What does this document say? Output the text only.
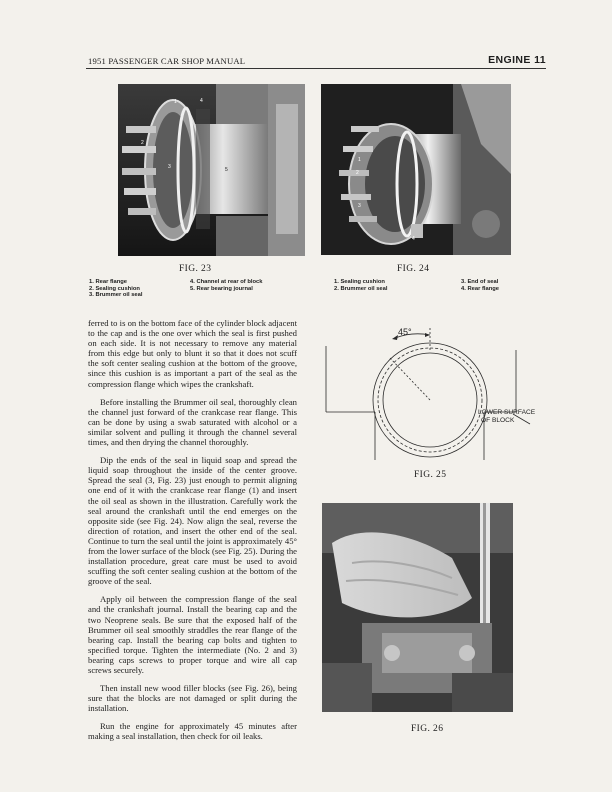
1951 PASSENGER CAR SHOP MANUAL	ENGINE 11
1	4
2
3	5
FIG. 23
1. Rear flange
2. Sealing cushion
3. Brummer oil seal
4. Channel at rear of block
5. Rear bearing journal
1
2
3
4
FIG. 24
1. Sealing cushion
2. Brummer oil seal
3. End of seal
4. Rear flange

ferred to is on the bottom face of the cylinder block adjacent to the cap and is the one over which the seal is first pushed on each side. It is not necessary to remove any material from this edge but only to blunt it so that it does not scuff the soft center sealing cushion at the bottom of the groove, since this cushion is as important a part of the seal as the compression flange which wipes the crankshaft.

Before installing the Brummer oil seal, thoroughly clean the channel just forward of the crankcase rear flange. This can be done by using a swab saturated with alcohol or a similar solvent and pulling it through the channel several times, and then drying the channel thoroughly.

Dip the ends of the seal in liquid soap and spread the liquid soap throughout the inside of the center groove. Spread the seal (3, Fig. 23) just enough to permit aligning one end of it with the crankcase rear flange (1) and insert the oil seal as shown in the illustration. Carefully work the seal around the crankshaft until the end emerges on the opposite side (see Fig. 24). Now align the seal, reverse the direction of rotation, and insert the other end of the seal. Continue to turn the seal until the joint is approximately 45° from the lower surface of the block (see Fig. 25). During the installation procedure, great care must be used to avoid scuffing the soft center sealing cushion at the bottom of the groove of the seal.

Apply oil between the compression flange of the seal and the crankshaft journal. Install the bearing cap and the two Neoprene seals. Be sure that the exposed half of the Brummer oil seal smoothly straddles the rear flange of the bearing cap. Install the bearing cap bolts and tighten to specified torque. Tighten the intermediate (No. 2 and 3) bearing caps screws to proper torque and wire all cap screws securely.

Then install new wood filler blocks (see Fig. 26), being sure that the blocks are not damaged or split during the installation.

Run the engine for approximately 45 minutes after making a seal installation, then check for oil leaks.

45°
LOWER SURFACE
OF BLOCK
FIG. 25
FIG. 26
